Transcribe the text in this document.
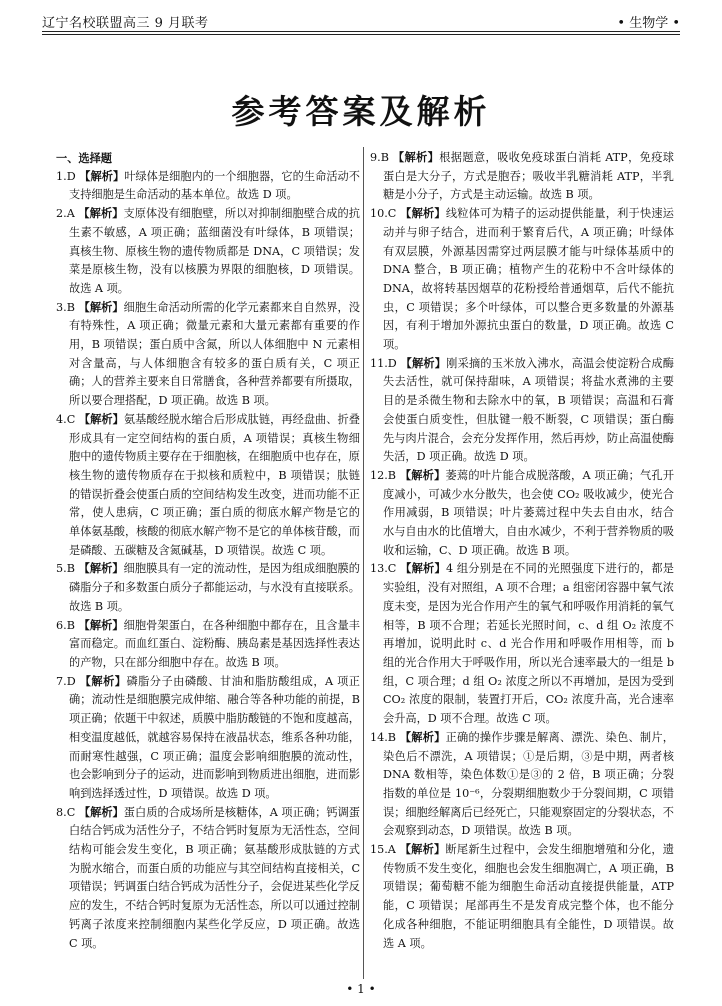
辽宁名校联盟高三 9 月联考	• 生物学 •
参考答案及解析
一、选择题

1.D 【解析】叶绿体是细胞内的一个细胞器，它的生命活动不支持细胞是生命活动的基本单位。故选 D 项。

2.A 【解析】支原体没有细胞壁，所以对抑制细胞壁合成的抗生素不敏感，A 项正确；蓝细菌没有叶绿体，B 项错误；真核生物、原核生物的遗传物质都是 DNA，C 项错误；发菜是原核生物，没有以核膜为界限的细胞核，D 项错误。故选 A 项。

3.B 【解析】细胞生命活动所需的化学元素都来自自然界，没有特殊性，A 项正确；微量元素和大量元素都有重要的作用，B 项错误；蛋白质中含氮，所以人体细胞中 N 元素相对含量高，与人体细胞含有较多的蛋白质有关，C 项正确；人的营养主要来自日常膳食，各种营养都要有所摄取，所以要合理搭配，D 项正确。故选 B 项。

4.C 【解析】氨基酸经脱水缩合后形成肽链，再经盘曲、折叠形成具有一定空间结构的蛋白质，A 项错误；真核生物细胞中的遗传物质主要存在于细胞核，在细胞质中也存在，原核生物的遗传物质存在于拟核和质粒中，B 项错误；肽链的错误折叠会使蛋白质的空间结构发生改变，进而功能不正常，使人患病，C 项正确；蛋白质的彻底水解产物是它的单体氨基酸，核酸的彻底水解产物不是它的单体核苷酸，而是磷酸、五碳糖及含氮碱基，D 项错误。故选 C 项。

5.B 【解析】细胞膜具有一定的流动性，是因为组成细胞膜的磷脂分子和多数蛋白质分子都能运动，与水没有直接联系。故选 B 项。

6.B 【解析】细胞骨架蛋白，在各种细胞中都存在，且含量丰富而稳定。而血红蛋白、淀粉酶、胰岛素是基因选择性表达的产物，只在部分细胞中存在。故选 B 项。

7.D 【解析】磷脂分子由磷酸、甘油和脂肪酸组成，A 项正确；流动性是细胞膜完成伸缩、融合等各种功能的前提，B 项正确；依题干中叙述，质膜中脂肪酸链的不饱和度越高，相变温度越低，就越容易保持在液晶状态，维系各种功能，而耐寒性越强，C 项正确；温度会影响细胞膜的流动性，也会影响到分子的运动，进而影响到物质进出细胞，进而影响到选择透过性，D 项错误。故选 D 项。

8.C 【解析】蛋白质的合成场所是核糖体，A 项正确；钙调蛋白结合钙成为活性分子，不结合钙时复原为无活性态，空间结构可能会发生变化，B 项正确；氨基酸形成肽链的方式为脱水缩合，而蛋白质的功能应与其空间结构直接相关，C 项错误；钙调蛋白结合钙成为活性分子，会促进某些化学反应的发生，不结合钙时复原为无活性态，所以可以通过控制钙离子浓度来控制细胞内某些化学反应，D 项正确。故选 C 项。

9.B 【解析】根据题意，吸收免疫球蛋白消耗 ATP，免疫球蛋白是大分子，方式是胞吞；吸收半乳糖消耗 ATP，半乳糖是小分子，方式是主动运输。故选 B 项。

10.C 【解析】线粒体可为精子的运动提供能量，利于快速运动并与卵子结合，进而利于繁育后代，A 项正确；叶绿体有双层膜，外源基因需穿过两层膜才能与叶绿体基质中的 DNA 整合，B 项正确；植物产生的花粉中不含叶绿体的 DNA，故将转基因烟草的花粉授给普通烟草，后代不能抗虫，C 项错误；多个叶绿体，可以整合更多数量的外源基因，有利于增加外源抗虫蛋白的数量，D 项正确。故选 C 项。

11.D 【解析】刚采摘的玉米放入沸水，高温会使淀粉合成酶失去活性，就可保持甜味，A 项错误；将盐水煮沸的主要目的是杀微生物和去除水中的氧，B 项错误；高温和石膏会使蛋白质变性，但肽键一般不断裂，C 项错误；蛋白酶先与肉片混合，会充分发挥作用，然后再炒，防止高温使酶失活，D 项正确。故选 D 项。

12.B 【解析】萎蔫的叶片能合成脱落酸，A 项正确；气孔开度减小，可减少水分散失，也会使 CO₂ 吸收减少，使光合作用减弱，B 项错误；叶片萎蔫过程中失去自由水，结合水与自由水的比值增大，自由水减少，不利于营养物质的吸收和运输，C、D 项正确。故选 B 项。

13.C 【解析】4 组分别是在不同的光照强度下进行的，都是实验组，没有对照组，A 项不合理；a 组密闭容器中氧气浓度未变，是因为光合作用产生的氧气和呼吸作用消耗的氧气相等，B 项不合理；若延长光照时间，c、d 组 O₂ 浓度不再增加，说明此时 c、d 光合作用和呼吸作用相等，而 b 组的光合作用大于呼吸作用，所以光合速率最大的一组是 b 组，C 项合理；d 组 O₂ 浓度之所以不再增加，是因为受到 CO₂ 浓度的限制，装置打开后，CO₂ 浓度升高，光合速率会升高，D 项不合理。故选 C 项。

14.B 【解析】正确的操作步骤是解离、漂洗、染色、制片，染色后不漂洗，A 项错误；①是后期，③是中期，两者核 DNA 数相等，染色体数①是③的 2 倍，B 项正确；分裂指数的单位是 10⁻⁶，分裂期细胞数少于分裂间期，C 项错误；细胞经解离后已经死亡，只能观察固定的分裂状态，不会观察到动态，D 项错误。故选 B 项。

15.A 【解析】断尾新生过程中，会发生细胞增殖和分化，遗传物质不发生变化，细胞也会发生细胞凋亡，A 项正确，B 项错误；葡萄糖不能为细胞生命活动直接提供能量，ATP 能，C 项错误；尾部再生不是发育成完整个体，也不能分化成各种细胞，不能证明细胞具有全能性，D 项错误。故选 A 项。

• 1 •
